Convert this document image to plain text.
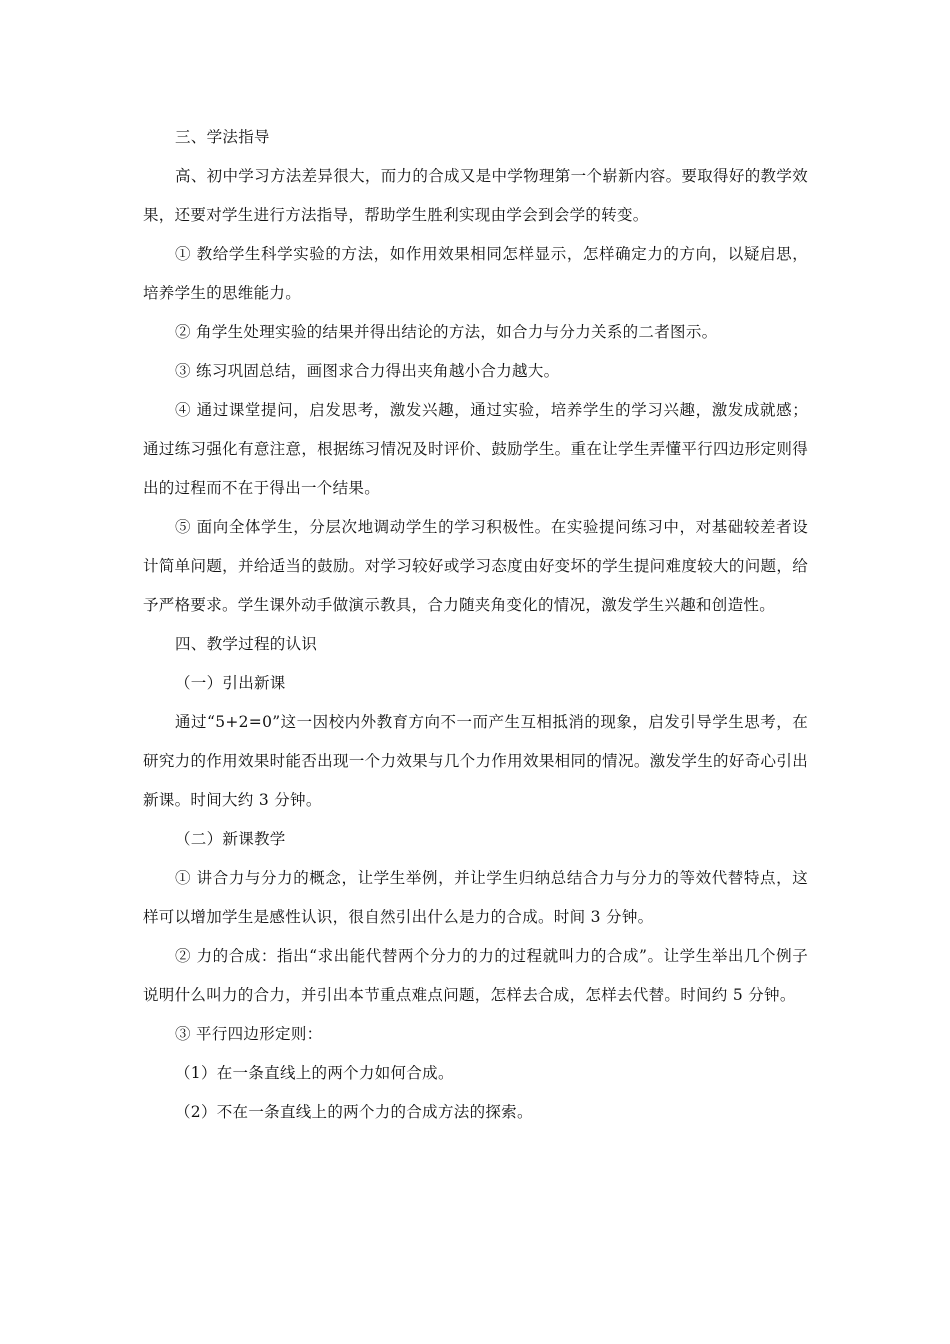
三、学法指导

高、初中学习方法差异很大，而力的合成又是中学物理第一个崭新内容。要取得好的教学效果，还要对学生进行方法指导，帮助学生胜利实现由学会到会学的转变。

① 教给学生科学实验的方法，如作用效果相同怎样显示，怎样确定力的方向，以疑启思，培养学生的思维能力。

② 角学生处理实验的结果并得出结论的方法，如合力与分力关系的二者图示。

③ 练习巩固总结，画图求合力得出夹角越小合力越大。

④ 通过课堂提问，启发思考，激发兴趣，通过实验，培养学生的学习兴趣，激发成就感；通过练习强化有意注意，根据练习情况及时评价、鼓励学生。重在让学生弄懂平行四边形定则得出的过程而不在于得出一个结果。

⑤ 面向全体学生，分层次地调动学生的学习积极性。在实验提问练习中，对基础较差者设计简单问题，并给适当的鼓励。对学习较好或学习态度由好变坏的学生提问难度较大的问题，给予严格要求。学生课外动手做演示教具，合力随夹角变化的情况，激发学生兴趣和创造性。

四、教学过程的认识

（一）引出新课

通过“5+2=0”这一因校内外教育方向不一而产生互相抵消的现象，启发引导学生思考，在研究力的作用效果时能否出现一个力效果与几个力作用效果相同的情况。激发学生的好奇心引出新课。时间大约 3 分钟。

（二）新课教学

① 讲合力与分力的概念，让学生举例，并让学生归纳总结合力与分力的等效代替特点，这样可以增加学生是感性认识，很自然引出什么是力的合成。时间 3 分钟。

② 力的合成：指出“求出能代替两个分力的力的过程就叫力的合成”。让学生举出几个例子说明什么叫力的合力，并引出本节重点难点问题，怎样去合成，怎样去代替。时间约 5 分钟。

③ 平行四边形定则：

（1）在一条直线上的两个力如何合成。

（2）不在一条直线上的两个力的合成方法的探索。
